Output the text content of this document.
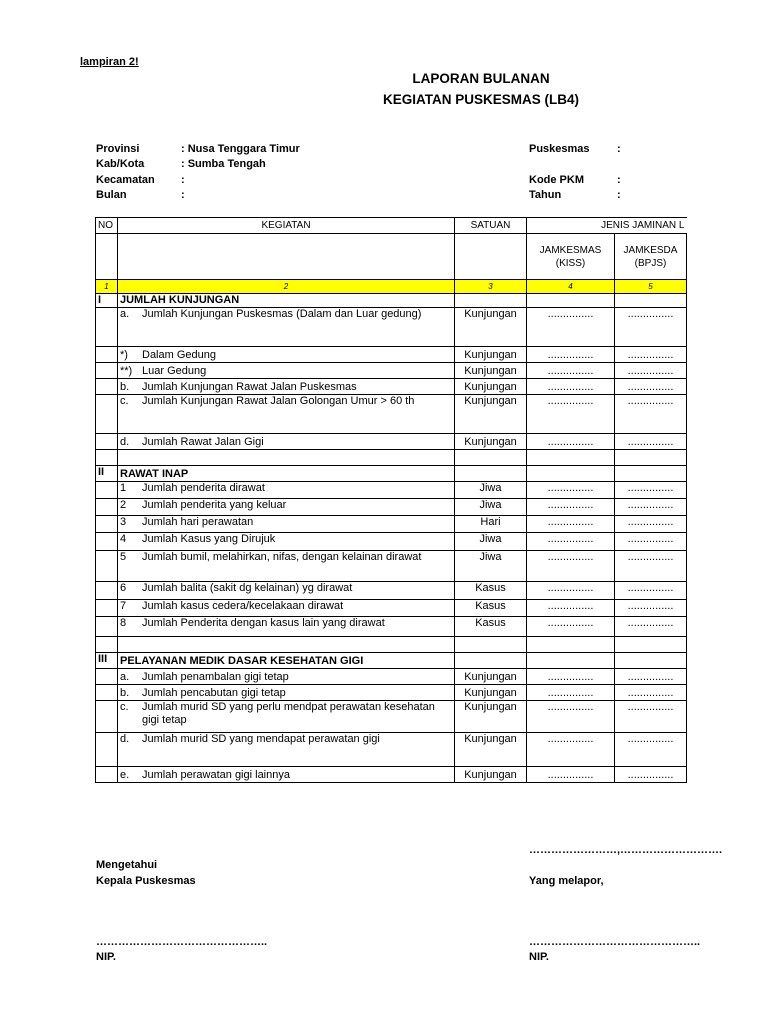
lampiran 2!
LAPORAN BULANAN
KEGIATAN PUSKESMAS (LB4)
Provinsi	: Nusa Tenggara Timur
Kab/Kota	: Sumba Tengah
Kecamatan :
Bulan	:
Puskesmas :
Kode PKM	:
Tahun	:
NO	KEGIATAN	SATUAN	JENIS JAMINAN L	
			JAMKESMAS (KISS)	JAMKESDA (BPJS)
1	2	3	4	5
I	JUMLAH KUNJUNGAN			

	a. Jumlah Kunjungan Puskesmas (Dalam dan Luar gedung)	Kunjungan	...............	...............

	*) Dalam Gedung	Kunjungan	...............	...............

	**) Luar Gedung	Kunjungan	...............	...............

	b. Jumlah Kunjungan Rawat Jalan Puskesmas	Kunjungan	...............	...............

	c. Jumlah Kunjungan Rawat Jalan Golongan Umur > 60 th	Kunjungan	...............	...............

	d. Jumlah Rawat Jalan Gigi	Kunjungan	...............	...............

II	RAWAT INAP			

	1 Jumlah penderita dirawat	Jiwa	...............	...............

	2 Jumlah penderita yang keluar	Jiwa	...............	...............

	3 Jumlah hari perawatan	Hari	...............	...............

	4 Jumlah Kasus yang Dirujuk	Jiwa	...............	...............

	5 Jumlah bumil, melahirkan, nifas, dengan kelainan dirawat	Jiwa	...............	...............

	6 Jumlah balita (sakit dg kelainan) yg dirawat	Kasus	...............	...............

	7 Jumlah kasus cedera/kecelakaan dirawat	Kasus	...............	...............

	8 Jumlah Penderita dengan kasus lain yang dirawat	Kasus	...............	...............

III	PELAYANAN MEDIK DASAR KESEHATAN GIGI			

	a. Jumlah penambalan gigi tetap	Kunjungan	...............	...............

	b. Jumlah pencabutan gigi tetap	Kunjungan	...............	...............

	c. Jumlah murid SD yang perlu mendpat perawatan kesehatan gigi tetap	Kunjungan	...............	...............

	d. Jumlah murid SD yang mendapat perawatan gigi	Kunjungan	...............	...............

	e. Jumlah perawatan gigi lainnya	Kunjungan	...............	...............
……………………,……………………….
Mengetahui
Kepala Puskesmas	Yang melapor,
………………………………………..	………………………………………..
NIP.	NIP.
